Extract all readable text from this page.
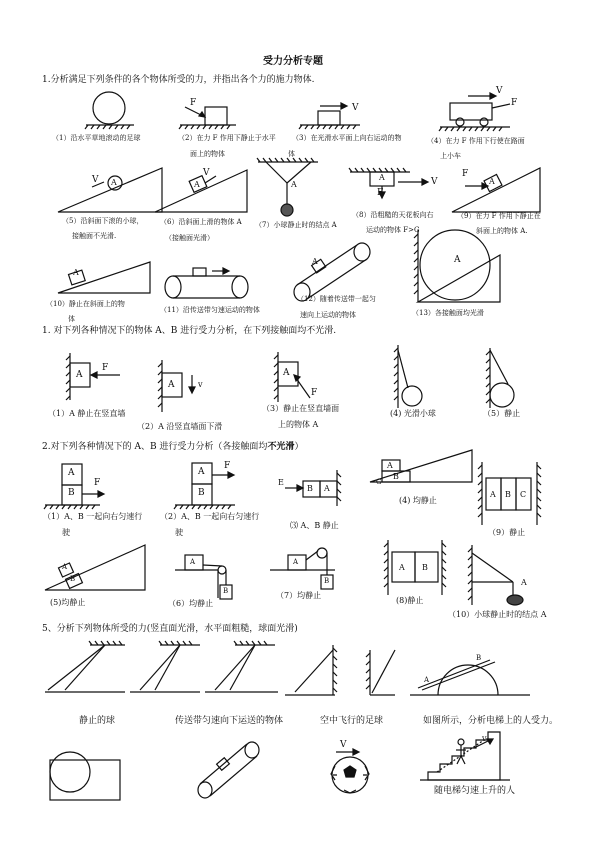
受力分析专题
1.分析满足下列条件的各个物体所受的力，并指出各个力的施力物体.
（1）沿水平草地滚动的足球	（2）在力 F 作用下静止于水平
面上的物体
（3）在光滑水平面上向右运动的物
体
（4）在力 F 作用下行使在路面
上小车
V A
V
A	A
A	V
F
F
A
V
F
F	V
（5）沿斜面下滚的小球，
接触面不光滑.
（6）沿斜面上滑的物体 A
（接触面光滑）
（7）小球静止时的结点 A
（8）沿粗糙的天花板向右
运动的物体 F>G
（9）在力 F 作用下静止在
斜面上的物体 A.
A
A	A
（10）静止在斜面上的物
体
（11）沿传送带匀速运动的物体
（12）随着传送带一起匀
速向上运动的物体	（13）各接触面均光滑
1. 对下列各种情况下的物体 A、B 进行受力分析，在下列接触面均不光滑.
A
F
A	v
A
F
（1）A 静止在竖直墙
（2）A 沿竖直墙面下滑
（3）静止在竖直墙面
上的物体 A
(4) 光滑小球	（5）静止
2.对下列各种情况下的 A、B 进行受力分析（各接触面均不光滑）
A
B
F
A
B
F
E
B A
A
B
G
A B C
（1）A、B 一起向右匀速行
驶
（2）A、B 一起向右匀速行
驶
⑶ A、B 静止
(4) 均静止
（9）静止
A
B
A
B
A
B
A B
A
(5)均静止	（6）均静止
（7）均静止
(8)静止
（10）小球静止时的结点 A
5、分析下列物体所受的力(竖直面光滑，水平面粗糙，球面光滑)
A
B
静止的球	传送带匀速向下运送的物体	空中飞行的足球	如图所示，分析电梯上的人受力。
V
v
随电梯匀速上升的人
